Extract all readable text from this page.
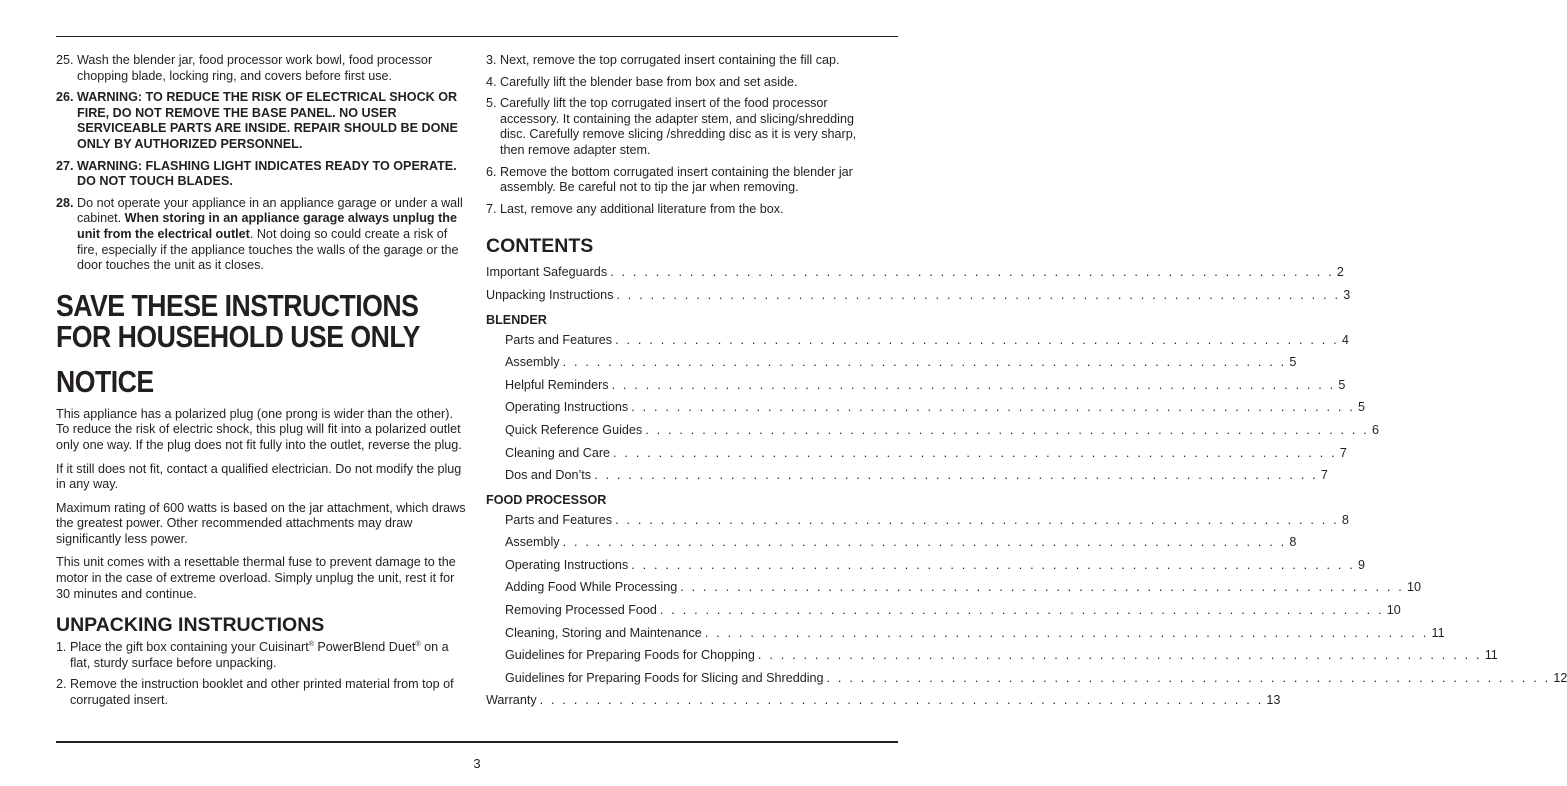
25. Wash the blender jar, food processor work bowl, food processor chopping blade, locking ring, and covers before first use.
26. WARNING: TO REDUCE THE RISK OF ELECTRICAL SHOCK OR FIRE, DO NOT REMOVE THE BASE PANEL. NO USER SERVICEABLE PARTS ARE INSIDE. REPAIR SHOULD BE DONE ONLY BY AUTHORIZED PERSONNEL.
27. WARNING: FLASHING LIGHT INDICATES READY TO OPERATE. DO NOT TOUCH BLADES.
28. Do not operate your appliance in an appliance garage or under a wall cabinet. When storing in an appliance garage always unplug the unit from the electrical outlet. Not doing so could create a risk of fire, especially if the appliance touches the walls of the garage or the door touches the unit as it closes.
SAVE THESE INSTRUCTIONS
FOR HOUSEHOLD USE ONLY
NOTICE

This appliance has a polarized plug (one prong is wider than the other). To reduce the risk of electric shock, this plug will fit into a polarized outlet only one way. If the plug does not fit fully into the outlet, reverse the plug.

If it still does not fit, contact a qualified electrician. Do not modify the plug in any way.

Maximum rating of 600 watts is based on the jar attachment, which draws the greatest power. Other recommended attachments may draw significantly less power.

This unit comes with a resettable thermal fuse to prevent damage to the motor in the case of extreme overload. Simply unplug the unit, rest it for 30 minutes and continue.

UNPACKING INSTRUCTIONS
1. Place the gift box containing your Cuisinart® PowerBlend Duet® on a flat, sturdy surface before unpacking.
2. Remove the instruction booklet and other printed material from top of corrugated insert.
3. Next, remove the top corrugated insert containing the fill cap.
4. Carefully lift the blender base from box and set aside.
5. Carefully lift the top corrugated insert of the food processor accessory. It containing the adapter stem, and slicing/shredding disc. Carefully remove slicing /shredding disc as it is very sharp, then remove adapter stem.
6. Remove the bottom corrugated insert containing the blender jar assembly. Be careful not to tip the jar when removing.
7. Last, remove any additional literature from the box.
CONTENTS
Important Safeguards . . . . . . . . . . . . . . . . . . . . . . . . . . . . . . . . . . . . . . . . . . . . . . . . . . . . . . . . . . . . . . . . 2
Unpacking Instructions . . . . . . . . . . . . . . . . . . . . . . . . . . . . . . . . . . . . . . . . . . . . . . . . . . . . . . . . . . . . . . . . 3
BLENDER
Parts and Features . . . . . . . . . . . . . . . . . . . . . . . . . . . . . . . . . . . . . . . . . . . . . . . . . . . . . . . . . . . . . . . . 4
Assembly . . . . . . . . . . . . . . . . . . . . . . . . . . . . . . . . . . . . . . . . . . . . . . . . . . . . . . . . . . . . . . . . 5
Helpful Reminders . . . . . . . . . . . . . . . . . . . . . . . . . . . . . . . . . . . . . . . . . . . . . . . . . . . . . . . . . . . . . . . . 5
Operating Instructions . . . . . . . . . . . . . . . . . . . . . . . . . . . . . . . . . . . . . . . . . . . . . . . . . . . . . . . . . . . . . . . . 5
Quick Reference Guides . . . . . . . . . . . . . . . . . . . . . . . . . . . . . . . . . . . . . . . . . . . . . . . . . . . . . . . . . . . . . . . . 6
Cleaning and Care . . . . . . . . . . . . . . . . . . . . . . . . . . . . . . . . . . . . . . . . . . . . . . . . . . . . . . . . . . . . . . . . 7
Dos and Don’ts . . . . . . . . . . . . . . . . . . . . . . . . . . . . . . . . . . . . . . . . . . . . . . . . . . . . . . . . . . . . . . . . 7
FOOD PROCESSOR
Parts and Features . . . . . . . . . . . . . . . . . . . . . . . . . . . . . . . . . . . . . . . . . . . . . . . . . . . . . . . . . . . . . . . . 8
Assembly . . . . . . . . . . . . . . . . . . . . . . . . . . . . . . . . . . . . . . . . . . . . . . . . . . . . . . . . . . . . . . . . 8
Operating Instructions . . . . . . . . . . . . . . . . . . . . . . . . . . . . . . . . . . . . . . . . . . . . . . . . . . . . . . . . . . . . . . . . 9
Adding Food While Processing . . . . . . . . . . . . . . . . . . . . . . . . . . . . . . . . . . . . . . . . . . . . . . . . . . . . . . . . . . . . . . . . 10
Removing Processed Food . . . . . . . . . . . . . . . . . . . . . . . . . . . . . . . . . . . . . . . . . . . . . . . . . . . . . . . . . . . . . . . . 10
Cleaning, Storing and Maintenance . . . . . . . . . . . . . . . . . . . . . . . . . . . . . . . . . . . . . . . . . . . . . . . . . . . . . . . . . . . . . . . . 11
Guidelines for Preparing Foods for Chopping . . . . . . . . . . . . . . . . . . . . . . . . . . . . . . . . . . . . . . . . . . . . . . . . . . . . . . . . . . . . . . . . 11
Guidelines for Preparing Foods for Slicing and Shredding . . . . . . . . . . . . . . . . . . . . . . . . . . . . . . . . . . . . . . . . . . . . . . . . . . . . . . . . . . . . . . . . 12
Warranty . . . . . . . . . . . . . . . . . . . . . . . . . . . . . . . . . . . . . . . . . . . . . . . . . . . . . . . . . . . . . . . . 13
3
